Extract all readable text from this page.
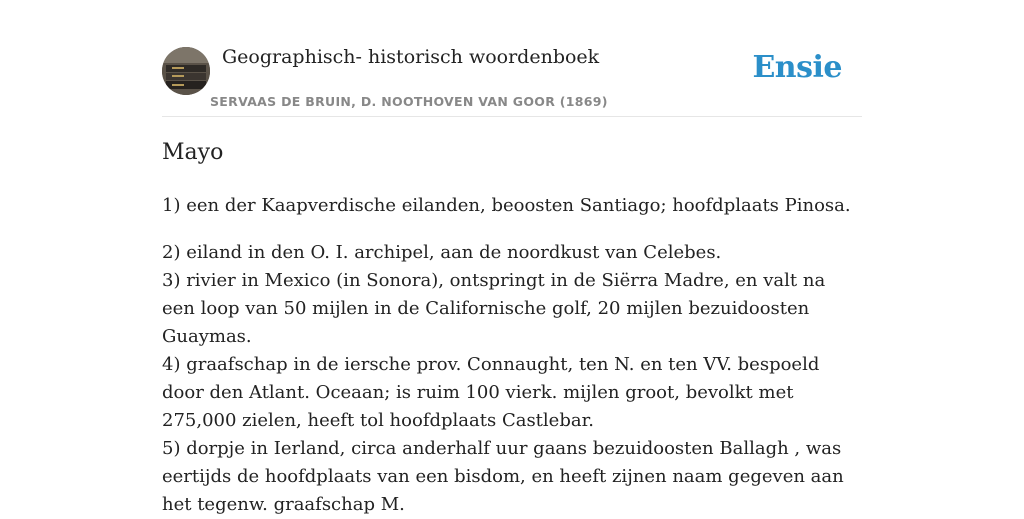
Geographisch- historisch woordenboek
SERVAAS DE BRUIN, D. NOOTHOVEN VAN GOOR (1869)
Ensie
Mayo

1) een der Kaapverdische eilanden, beoosten Santiago; hoofdplaats Pinosa.

2) eiland in den O. I. archipel, aan de noordkust van Celebes.
3) rivier in Mexico (in Sonora), ontspringt in de Siërra Madre, en valt na een loop van 50 mijlen in de Californische golf, 20 mijlen bezuidoosten Guaymas.
4) graafschap in de iersche prov. Connaught, ten N. en ten VV. bespoeld door den Atlant. Oceaan; is ruim 100 vierk. mijlen groot, bevolkt met 275,000 zielen, heeft tol hoofdplaats Castlebar.
5) dorpje in Ierland, circa anderhalf uur gaans bezuidoosten Ballagh , was eertijds de hoofdplaats van een bisdom, en heeft zijnen naam gegeven aan het tegenw. graafschap M.
